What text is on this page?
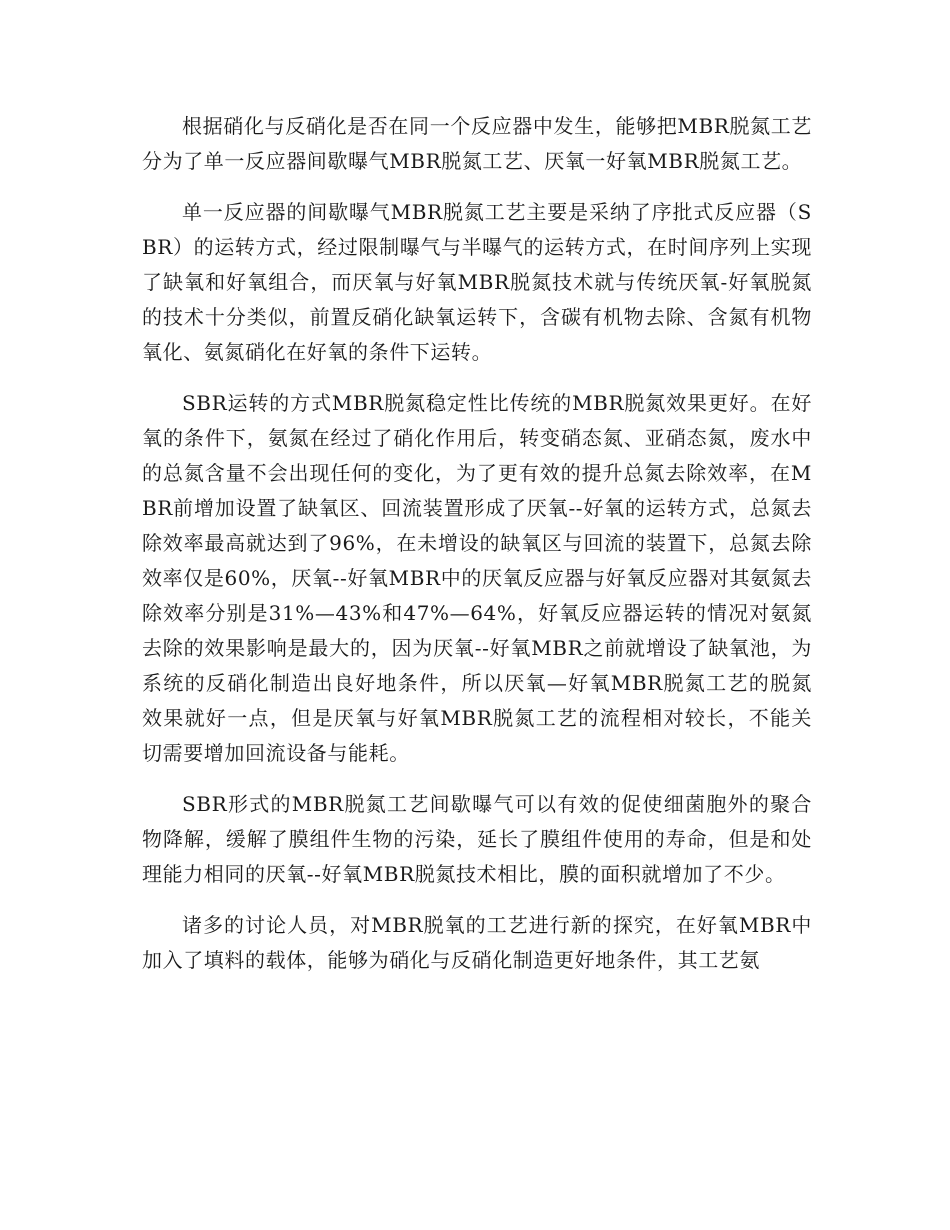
根据硝化与反硝化是否在同一个反应器中发生，能够把MBR脱氮工艺分为了单一反应器间歇曝气MBR脱氮工艺、厌氧一好氧MBR脱氮工艺。

单一反应器的间歇曝气MBR脱氮工艺主要是采纳了序批式反应器（SBR）的运转方式，经过限制曝气与半曝气的运转方式，在时间序列上实现了缺氧和好氧组合，而厌氧与好氧MBR脱氮技术就与传统厌氧-好氧脱氮的技术十分类似，前置反硝化缺氧运转下，含碳有机物去除、含氮有机物氧化、氨氮硝化在好氧的条件下运转。

SBR运转的方式MBR脱氮稳定性比传统的MBR脱氮效果更好。在好氧的条件下，氨氮在经过了硝化作用后，转变硝态氮、亚硝态氮，废水中的总氮含量不会出现任何的变化，为了更有效的提升总氮去除效率，在MBR前增加设置了缺氧区、回流装置形成了厌氧--好氧的运转方式，总氮去除效率最高就达到了96%，在未增设的缺氧区与回流的装置下，总氮去除效率仅是60%，厌氧--好氧MBR中的厌氧反应器与好氧反应器对其氨氮去除效率分别是31%—43%和47%—64%，好氧反应器运转的情况对氨氮去除的效果影响是最大的，因为厌氧--好氧MBR之前就增设了缺氧池，为系统的反硝化制造出良好地条件，所以厌氧—好氧MBR脱氮工艺的脱氮效果就好一点，但是厌氧与好氧MBR脱氮工艺的流程相对较长，不能关切需要增加回流设备与能耗。

SBR形式的MBR脱氮工艺间歇曝气可以有效的促使细菌胞外的聚合物降解，缓解了膜组件生物的污染，延长了膜组件使用的寿命，但是和处理能力相同的厌氧--好氧MBR脱氮技术相比，膜的面积就增加了不少。

诸多的讨论人员，对MBR脱氧的工艺进行新的探究，在好氧MBR中加入了填料的载体，能够为硝化与反硝化制造更好地条件，其工艺氨
